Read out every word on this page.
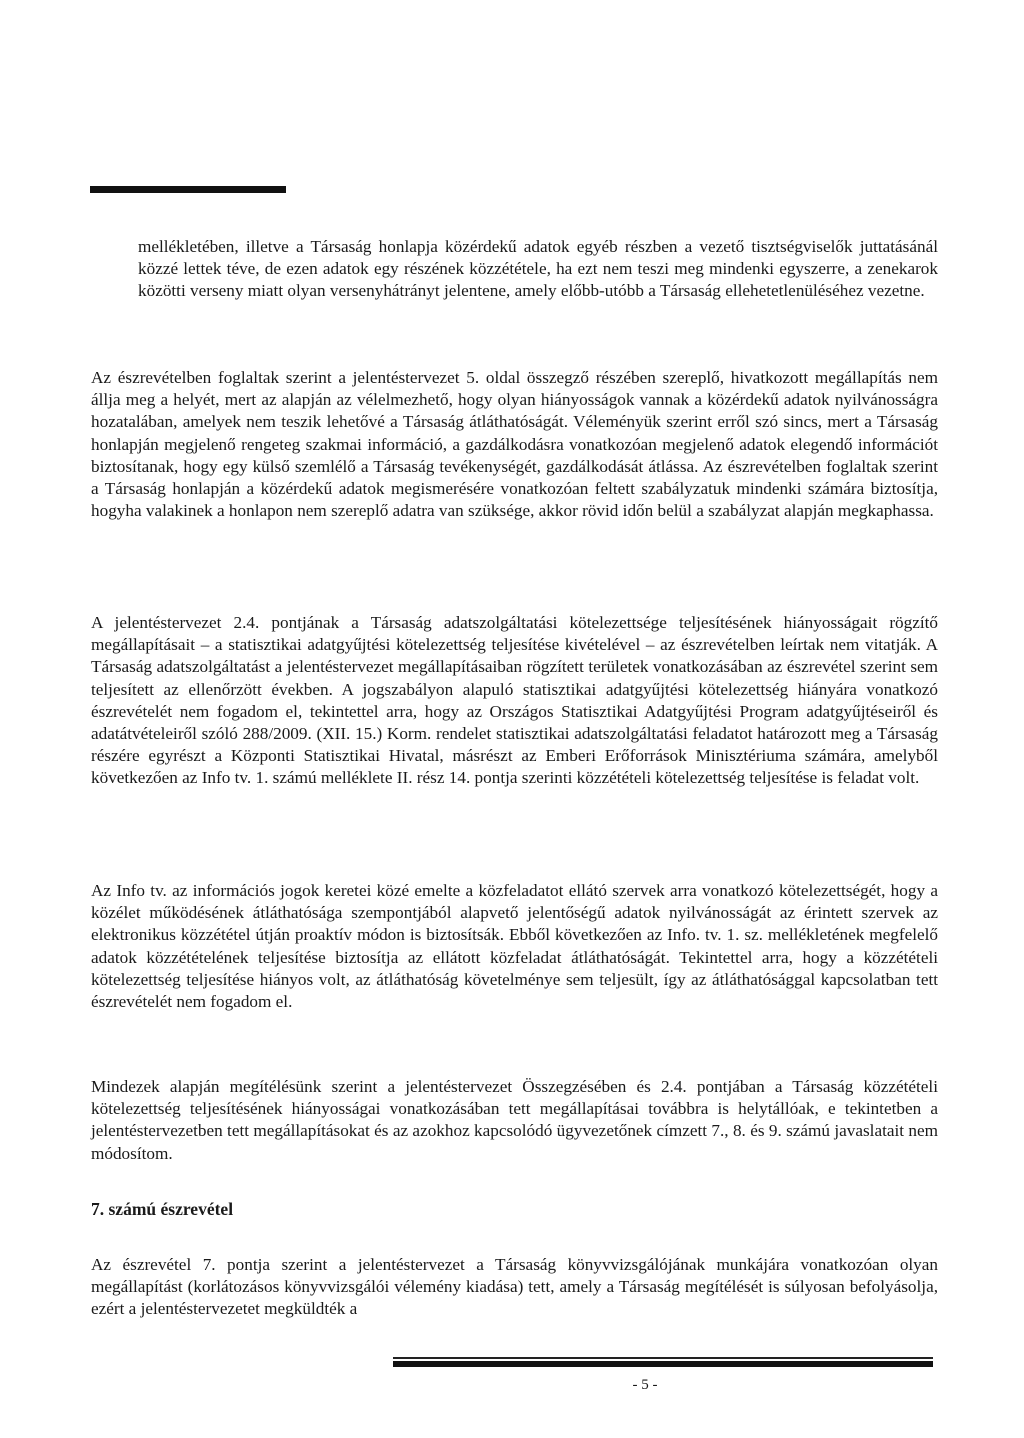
mellékletében, illetve a Társaság honlapja közérdekű adatok egyéb részben a vezető tisztségviselők juttatásánál közzé lettek téve, de ezen adatok egy részének közzététele, ha ezt nem teszi meg mindenki egyszerre, a zenekarok közötti verseny miatt olyan versenyhátrányt jelentene, amely előbb-utóbb a Társaság ellehetetlenüléséhez vezetne.

Az észrevételben foglaltak szerint a jelentéstervezet 5. oldal összegző részében szereplő, hivatkozott megállapítás nem állja meg a helyét, mert az alapján az vélelmezhető, hogy olyan hiányosságok vannak a közérdekű adatok nyilvánosságra hozatalában, amelyek nem teszik lehetővé a Társaság átláthatóságát. Véleményük szerint erről szó sincs, mert a Társaság honlapján megjelenő rengeteg szakmai információ, a gazdálkodásra vonatkozóan megjelenő adatok elegendő információt biztosítanak, hogy egy külső szemlélő a Társaság tevékenységét, gazdálkodását átlássa. Az észrevételben foglaltak szerint a Társaság honlapján a közérdekű adatok megismerésére vonatkozóan feltett szabályzatuk mindenki számára biztosítja, hogyha valakinek a honlapon nem szereplő adatra van szüksége, akkor rövid időn belül a szabályzat alapján megkaphassa.

A jelentéstervezet 2.4. pontjának a Társaság adatszolgáltatási kötelezettsége teljesítésének hiányosságait rögzítő megállapításait – a statisztikai adatgyűjtési kötelezettség teljesítése kivételével – az észrevételben leírtak nem vitatják. A Társaság adatszolgáltatást a jelentéstervezet megállapításaiban rögzített területek vonatkozásában az észrevétel szerint sem teljesített az ellenőrzött években. A jogszabályon alapuló statisztikai adatgyűjtési kötelezettség hiányára vonatkozó észrevételét nem fogadom el, tekintettel arra, hogy az Országos Statisztikai Adatgyűjtési Program adatgyűjtéseiről és adatátvételeiről szóló 288/2009. (XII. 15.) Korm. rendelet statisztikai adatszolgáltatási feladatot határozott meg a Társaság részére egyrészt a Központi Statisztikai Hivatal, másrészt az Emberi Erőforrások Minisztériuma számára, amelyből következően az Info tv. 1. számú melléklete II. rész 14. pontja szerinti közzétételi kötelezettség teljesítése is feladat volt.

Az Info tv. az információs jogok keretei közé emelte a közfeladatot ellátó szervek arra vonatkozó kötelezettségét, hogy a közélet működésének átláthatósága szempontjából alapvető jelentőségű adatok nyilvánosságát az érintett szervek az elektronikus közzététel útján proaktív módon is biztosítsák. Ebből következően az Info. tv. 1. sz. mellékletének megfelelő adatok közzétételének teljesítése biztosítja az ellátott közfeladat átláthatóságát. Tekintettel arra, hogy a közzétételi kötelezettség teljesítése hiányos volt, az átláthatóság követelménye sem teljesült, így az átláthatósággal kapcsolatban tett észrevételét nem fogadom el.

Mindezek alapján megítélésünk szerint a jelentéstervezet Összegzésében és 2.4. pontjában a Társaság közzétételi kötelezettség teljesítésének hiányosságai vonatkozásában tett megállapításai továbbra is helytállóak, e tekintetben a jelentéstervezetben tett megállapításokat és az azokhoz kapcsolódó ügyvezetőnek címzett 7., 8. és 9. számú javaslatait nem módosítom.

7. számú észrevétel

Az észrevétel 7. pontja szerint a jelentéstervezet a Társaság könyvvizsgálójának munkájára vonatkozóan olyan megállapítást (korlátozásos könyvvizsgálói vélemény kiadása) tett, amely a Társaság megítélését is súlyosan befolyásolja, ezért a jelentéstervezetet megküldték a

- 5 -
